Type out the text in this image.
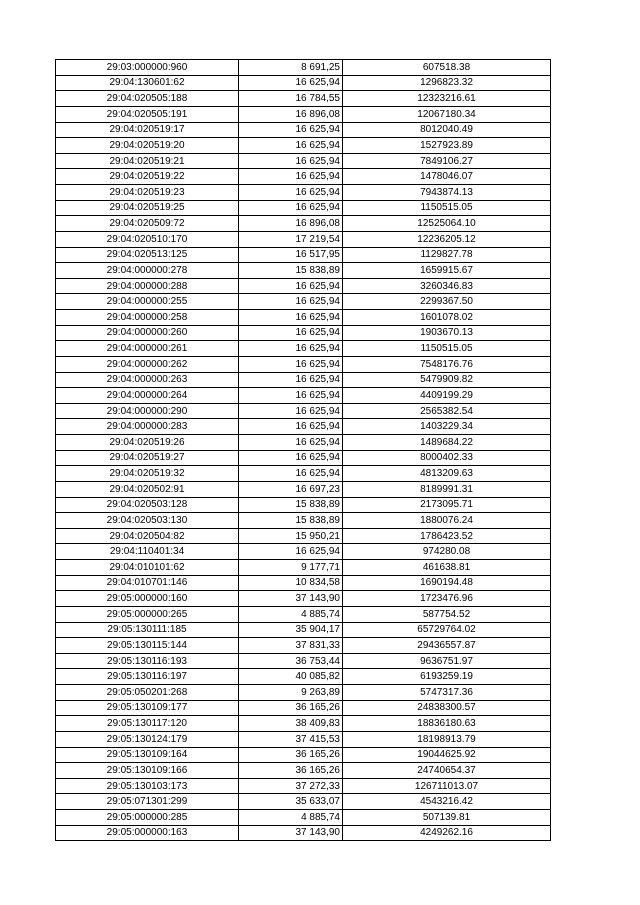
29:03:000000:960	8 691,25	607518.38
29:04:130601:62	16 625,94	1296823.32
29:04:020505:188	16 784,55	12323216.61
29:04:020505:191	16 896,08	12067180.34
29:04:020519:17	16 625,94	8012040.49
29:04:020519:20	16 625,94	1527923.89
29:04:020519:21	16 625,94	7849106.27
29:04:020519:22	16 625,94	1478046.07
29:04:020519:23	16 625,94	7943874.13
29:04:020519:25	16 625,94	1150515.05
29:04:020509:72	16 896,08	12525064.10
29:04:020510:170	17 219,54	12236205.12
29:04:020513:125	16 517,95	1129827.78
29:04:000000:278	15 838,89	1659915.67
29:04:000000:288	16 625,94	3260346.83
29:04:000000:255	16 625,94	2299367.50
29:04:000000:258	16 625,94	1601078.02
29:04:000000:260	16 625,94	1903670.13
29:04:000000:261	16 625,94	1150515.05
29:04:000000:262	16 625,94	7548176.76
29:04:000000:263	16 625,94	5479909.82
29:04:000000:264	16 625,94	4409199.29
29:04:000000:290	16 625,94	2565382.54
29:04:000000:283	16 625,94	1403229.34
29:04:020519:26	16 625,94	1489684.22
29:04:020519:27	16 625,94	8000402.33
29:04:020519:32	16 625,94	4813209.63
29:04:020502:91	16 697,23	8189991.31
29:04:020503:128	15 838,89	2173095.71
29:04:020503:130	15 838,89	1880076.24
29:04:020504:82	15 950,21	1786423.52
29:04:110401:34	16 625,94	974280.08
29:04:010101:62	9 177,71	461638.81
29:04:010701:146	10 834,58	1690194.48
29:05:000000:160	37 143,90	1723476.96
29:05:000000:265	4 885,74	587754.52
29:05:130111:185	35 904,17	65729764.02
29:05:130115:144	37 831,33	29436557.87
29:05:130116:193	36 753,44	9636751.97
29:05:130116:197	40 085,82	6193259.19
29:05:050201:268	9 263,89	5747317.36
29:05:130109:177	36 165,26	24838300.57
29:05:130117:120	38 409,83	18836180.63
29:05:130124:179	37 415,53	18198913.79
29:05:130109:164	36 165,26	19044625.92
29:05:130109:166	36 165,26	24740654.37
29:05:130103:173	37 272,33	126711013.07
29:05:071301:299	35 633,07	4543216.42
29:05:000000:285	4 885,74	507139.81
29:05:000000:163	37 143,90	4249262.16
